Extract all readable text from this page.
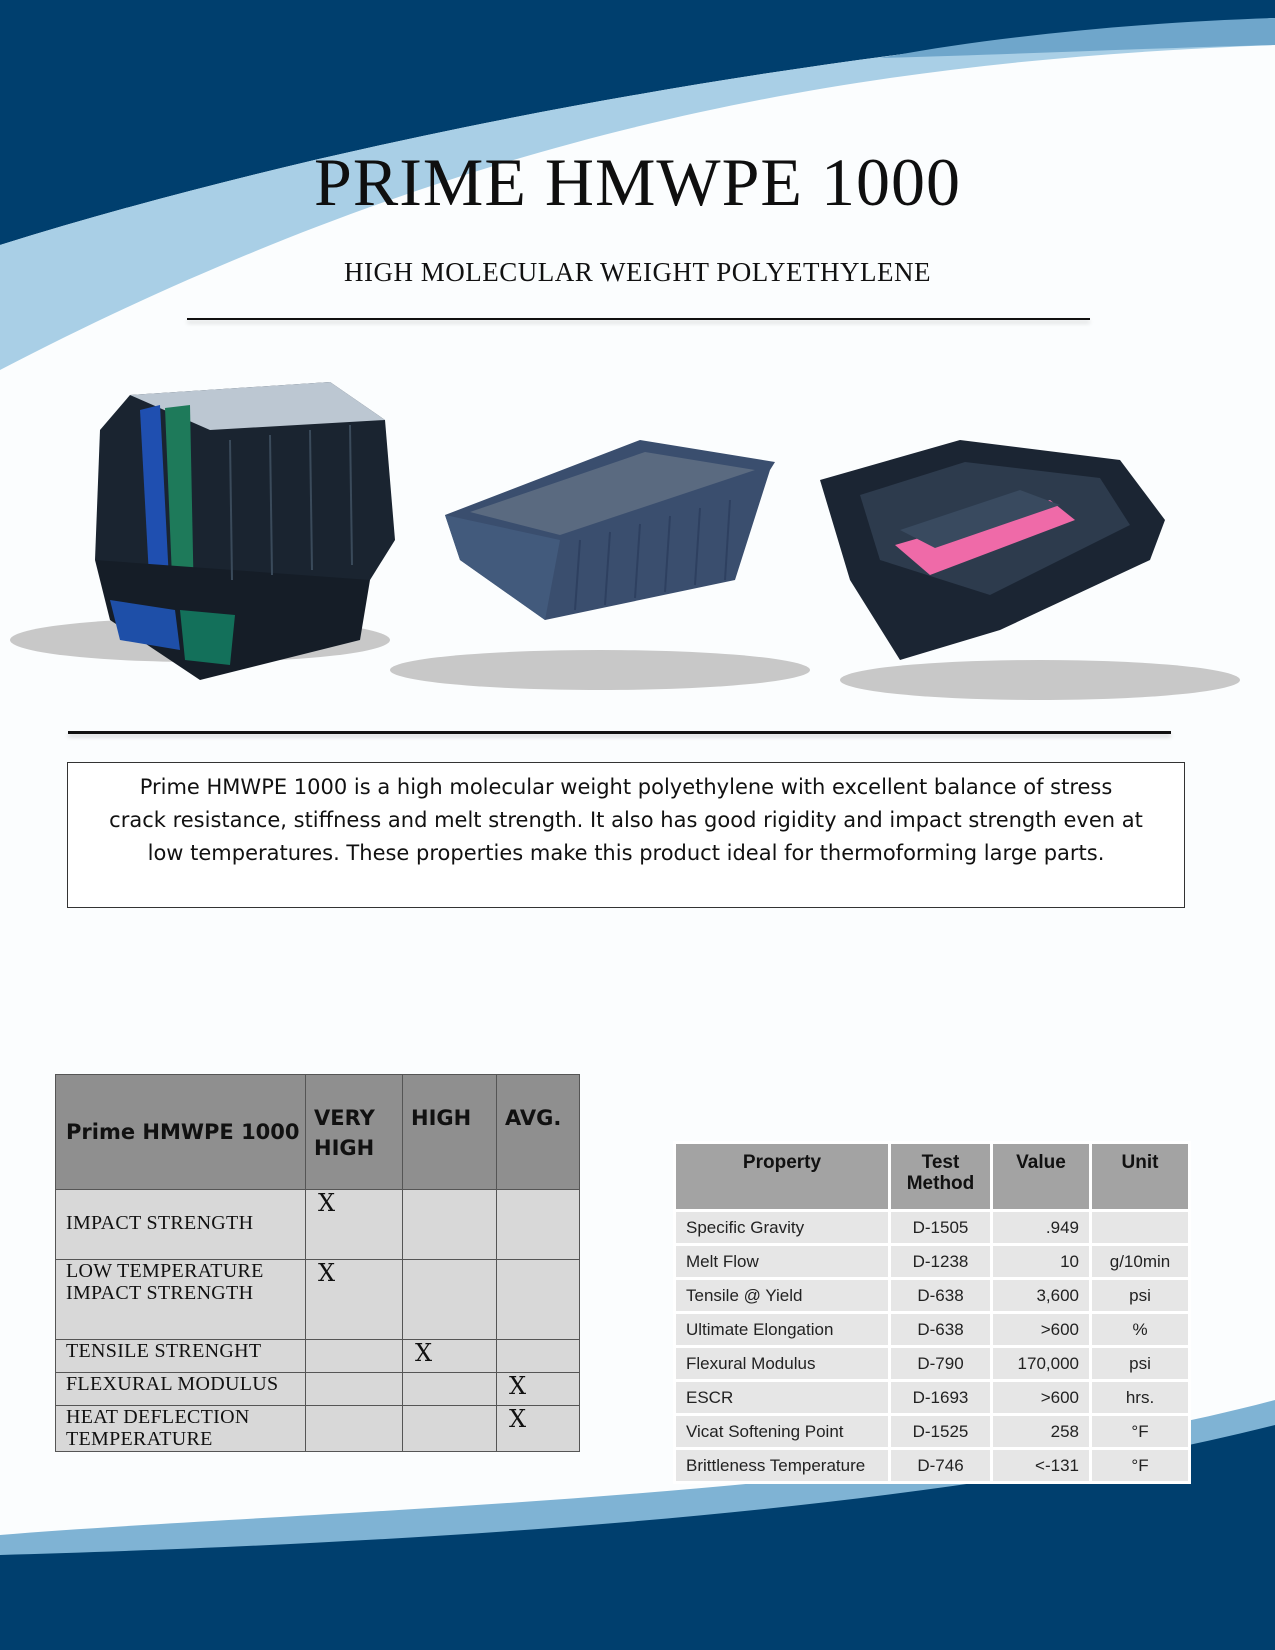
PRIME HMWPE 1000
HIGH MOLECULAR WEIGHT POLYETHYLENE
Prime HMWPE 1000 is a high molecular weight polyethylene with excellent balance of stress crack resistance, stiffness and melt strength. It also has good rigidity and impact strength even at low temperatures. These properties make this product ideal for thermoforming large parts.
Prime HMWPE 1000	VERY HIGH	HIGH	AVG.

IMPACT STRENGTH	X		

LOW TEMPERATURE IMPACT STRENGTH	X		

TENSILE STRENGHT		X	

FLEXURAL MODULUS			X

HEAT DEFLECTION TEMPERATURE			X
Property	Test Method	Value	Unit
Specific Gravity	D-1505	.949	
Melt Flow	D-1238	10	g/10min
Tensile @ Yield	D-638	3,600	psi
Ultimate Elongation	D-638	>600	%
Flexural Modulus	D-790	170,000	psi
ESCR	D-1693	>600	hrs.
Vicat Softening Point	D-1525	258	°F
Brittleness Temperature	D-746	<-131	°F
